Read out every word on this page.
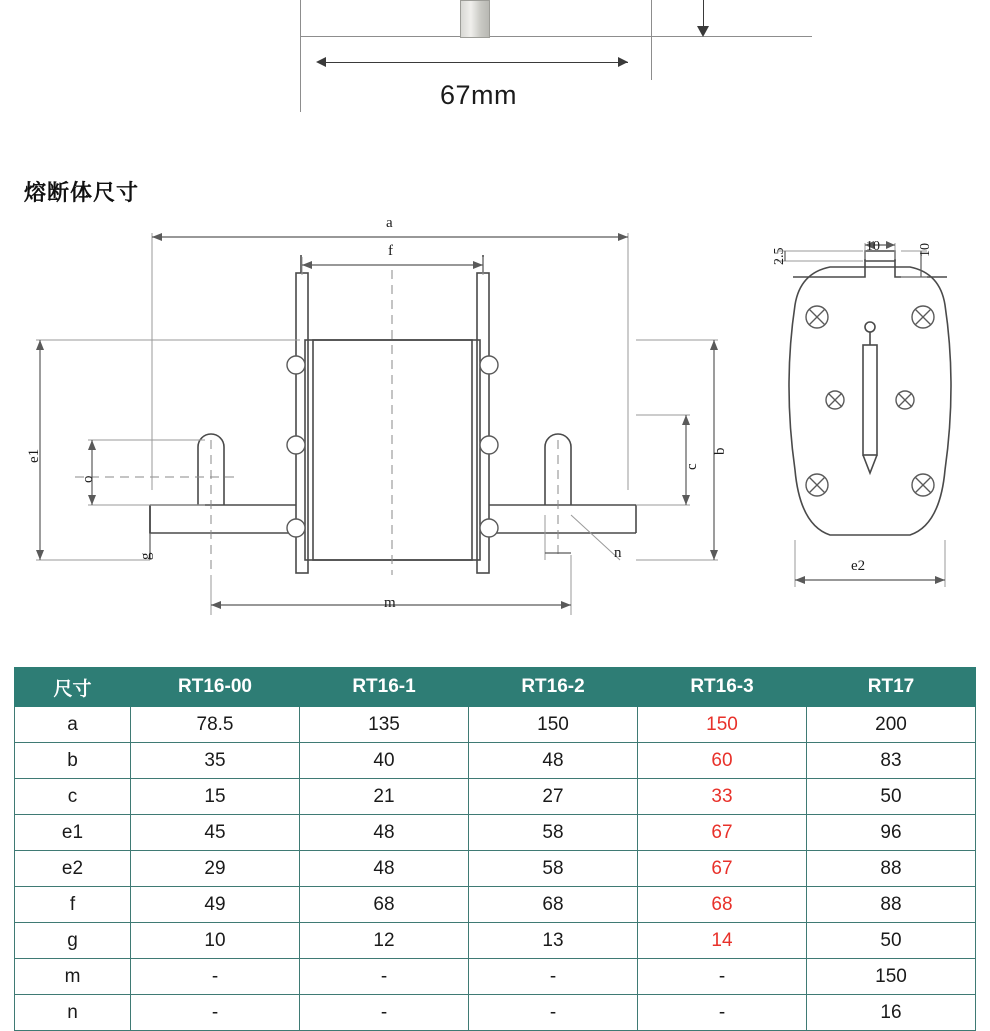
67mm
熔断体尺寸
a
f
b
c
e1
o
g	n
m
2.5
10	10
e2
尺寸	RT16-00	RT16-1	RT16-2	RT16-3	RT17
a	78.5	135	150	150	200
b	35	40	48	60	83
c	15	21	27	33	50
e1	45	48	58	67	96
e2	29	48	58	67	88
f	49	68	68	68	88
g	10	12	13	14	50
m	-	-	-	-	150
n	-	-	-	-	16
